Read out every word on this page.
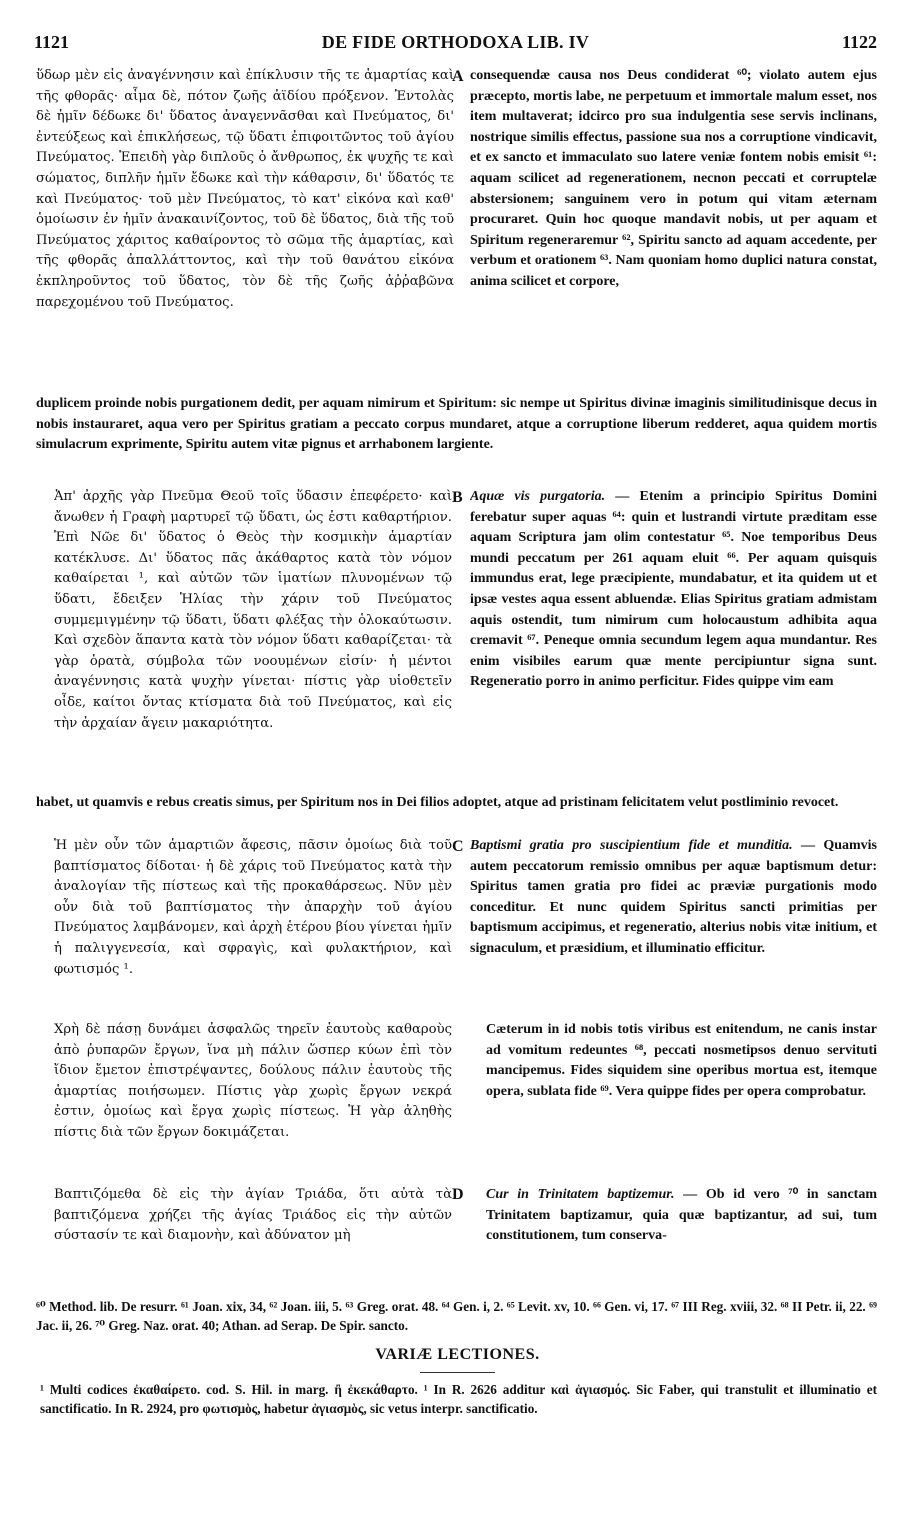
1121	DE FIDE ORTHODOXA LIB. IV	1122

ὕδωρ μὲν εἰς ἀναγέννησιν καὶ ἐπίκλυσιν τῆς τε ἁμαρτίας καὶ τῆς φθορᾶς· αἷμα δὲ, πότον ζωῆς ἀϊδίου πρόξενον. Ἐντολὰς δὲ ἡμῖν δέδωκε δι' ὕδατος ἀναγεννᾶσθαι καὶ Πνεύματος, δι' ἐντεύξεως καὶ ἐπικλήσεως, τῷ ὕδατι ἐπιφοιτῶντος τοῦ ἁγίου Πνεύματος. Ἐπειδὴ γὰρ διπλοῦς ὁ ἄνθρωπος, ἐκ ψυχῆς τε καὶ σώματος, διπλῆν ἡμῖν ἔδωκε καὶ τὴν κάθαρσιν, δι' ὕδατός τε καὶ Πνεύματος· τοῦ μὲν Πνεύματος, τὸ κατ' εἰκόνα καὶ καθ' ὁμοίωσιν ἐν ἡμῖν ἀνακαινίζοντος, τοῦ δὲ ὕδατος, διὰ τῆς τοῦ Πνεύματος χάριτος καθαίροντος τὸ σῶμα τῆς ἁμαρτίας, καὶ τῆς φθορᾶς ἀπαλλάττοντος, καὶ τὴν τοῦ θανάτου εἰκόνα ἐκπληροῦντος τοῦ ὕδατος, τὸν δὲ τῆς ζωῆς ἀῤῥαβῶνα παρεχομένου τοῦ Πνεύματος.

A consequendæ causa nos Deus condiderat ⁶⁰; violato autem ejus præcepto, mortis labe, ne perpetuum et immortale malum esset, nos item multaverat; idcirco pro sua indulgentia sese servis inclinans, nostrique similis effectus, passione sua nos a corruptione vindicavit, et ex sancto et immaculato suo latere veniæ fontem nobis emisit ⁶¹: aquam scilicet ad regenerationem, necnon peccati et corruptelæ abstersionem; sanguinem vero in potum qui vitam æternam procuraret. Quin hoc quoque mandavit nobis, ut per aquam et Spiritum regeneraremur ⁶², Spiritu sancto ad aquam accedente, per verbum et orationem ⁶³. Nam quoniam homo duplici natura constat, anima scilicet et corpore,

duplicem proinde nobis purgationem dedit, per aquam nimirum et Spiritum: sic nempe ut Spiritus divinæ imaginis similitudinisque decus in nobis instauraret, aqua vero per Spiritus gratiam a peccato corpus mundaret, atque a corruptione liberum redderet, aqua quidem mortis simulacrum exprimente, Spiritu autem vitæ pignus et arrhabonem largiente.

Ἀπ' ἀρχῆς γὰρ Πνεῦμα Θεοῦ τοῖς ὕδασιν ἐπεφέρετο· καὶ ἄνωθεν ἡ Γραφὴ μαρτυρεῖ τῷ ὕδατι, ὡς ἐστι καθαρτήριον. Ἐπὶ Νῶε δι' ὕδατος ὁ Θεὸς τὴν κοσμικὴν ἁμαρτίαν κατέκλυσε. Δι' ὕδατος πᾶς ἀκάθαρτος κατὰ τὸν νόμον καθαίρεται ¹, καὶ αὐτῶν τῶν ἱματίων πλυνομένων τῷ ὕδατι, ἔδειξεν Ἡλίας τὴν χάριν τοῦ Πνεύματος συμμεμιγμένην τῷ ὕδατι, ὕδατι φλέξας τὴν ὁλοκαύτωσιν. Καὶ σχεδὸν ἅπαντα κατὰ τὸν νόμον ὕδατι καθαρίζεται· τὰ γὰρ ὁρατὰ, σύμβολα τῶν νοουμένων εἰσίν· ἡ μέντοι ἀναγέννησις κατὰ ψυχὴν γίνεται· πίστις γὰρ υἱοθετεῖν οἶδε, καίτοι ὄντας κτίσματα διὰ τοῦ Πνεύματος, καὶ εἰς τὴν ἀρχαίαν ἄγειν μακαριότητα.

B Aquæ vis purgatoria. — Etenim a principio Spiritus Domini ferebatur super aquas ⁶⁴: quin et lustrandi virtute præditam esse aquam Scriptura jam olim contestatur ⁶⁵. Noe temporibus Deus mundi peccatum per 261 aquam eluit ⁶⁶. Per aquam quisquis immundus erat, lege præcipiente, mundabatur, et ita quidem ut et ipsæ vestes aqua essent abluendæ. Elias Spiritus gratiam admistam aquis ostendit, tum nimirum cum holocaustum adhibita aqua cremavit ⁶⁷. Peneque omnia secundum legem aqua mundantur. Res enim visibiles earum quæ mente percipiuntur signa sunt. Regeneratio porro in animo perficitur. Fides quippe vim eam

habet, ut quamvis e rebus creatis simus, per Spiritum nos in Dei filios adoptet, atque ad pristinam felicitatem velut postliminio revocet.

Ἡ μὲν οὖν τῶν ἁμαρτιῶν ἄφεσις, πᾶσιν ὁμοίως διὰ τοῦ βαπτίσματος δίδοται· ἡ δὲ χάρις τοῦ Πνεύματος κατὰ τὴν ἀναλογίαν τῆς πίστεως καὶ τῆς προκαθάρσεως. Νῦν μὲν οὖν διὰ τοῦ βαπτίσματος τὴν ἀπαρχὴν τοῦ ἁγίου Πνεύματος λαμβάνομεν, καὶ ἀρχὴ ἑτέρου βίου γίνεται ἡμῖν ἡ παλιγγενεσία, καὶ σφραγὶς, καὶ φυλακτήριον, καὶ φωτισμός ¹.

C Baptismi gratia pro suscipientium fide et munditia. — Quamvis autem peccatorum remissio omnibus per aquæ baptismum detur: Spiritus tamen gratia pro fidei ac præviæ purgationis modo conceditur. Et nunc quidem Spiritus sancti primitias per baptismum accipimus, et regeneratio, alterius nobis vitæ initium, et signaculum, et præsidium, et illuminatio efficitur.

Χρὴ δὲ πάσῃ δυνάμει ἀσφαλῶς τηρεῖν ἑαυτοὺς καθαροὺς ἀπὸ ῥυπαρῶν ἔργων, ἵνα μὴ πάλιν ὥσπερ κύων ἐπὶ τὸν ἴδιον ἔμετον ἐπιστρέψαντες, δούλους πάλιν ἑαυτοὺς τῆς ἁμαρτίας ποιήσωμεν. Πίστις γὰρ χωρὶς ἔργων νεκρά ἐστιν, ὁμοίως καὶ ἔργα χωρὶς πίστεως. Ἡ γὰρ ἀληθὴς πίστις διὰ τῶν ἔργων δοκιμάζεται.

Cæterum in id nobis totis viribus est enitendum, ne canis instar ad vomitum redeuntes ⁶⁸, peccati nosmetipsos denuo servituti mancipemus. Fides siquidem sine operibus mortua est, itemque opera, sublata fide ⁶⁹. Vera quippe fides per opera comprobatur.

Βαπτιζόμεθα δὲ εἰς τὴν ἁγίαν Τριάδα, ὅτι αὐτὰ τὰ βαπτιζόμενα χρήζει τῆς ἁγίας Τριάδος εἰς τὴν αὐτῶν σύστασίν τε καὶ διαμονὴν, καὶ ἀδύνατον μὴ

D Cur in Trinitatem baptizemur. — Ob id vero ⁷⁰ in sanctam Trinitatem baptizamur, quia quæ baptizantur, ad sui, tum constitutionem, tum conserva-

⁶⁰ Method. lib. De resurr. ⁶¹ Joan. xix, 34, ⁶² Joan. iii, 5. ⁶³ Greg. orat. 48. ⁶⁴ Gen. i, 2. ⁶⁵ Levit. xv, 10. ⁶⁶ Gen. vi, 17. ⁶⁷ III Reg. xviii, 32. ⁶⁸ II Petr. ii, 22. ⁶⁹ Jac. ii, 26. ⁷⁰ Greg. Naz. orat. 40; Athan. ad Serap. De Spir. sancto.

VARIÆ LECTIONES.

¹ Multi codices ἐκαθαίρετο. cod. S. Hil. in marg. ἢ ἐκεκάθαρτο. ¹ In R. 2626 additur καὶ ἁγιασμός. Sic Faber, qui transtulit et illuminatio et sanctificatio. In R. 2924, pro φωτισμὸς, habetur ἁγιασμὸς, sic vetus interpr. sanctificatio.
